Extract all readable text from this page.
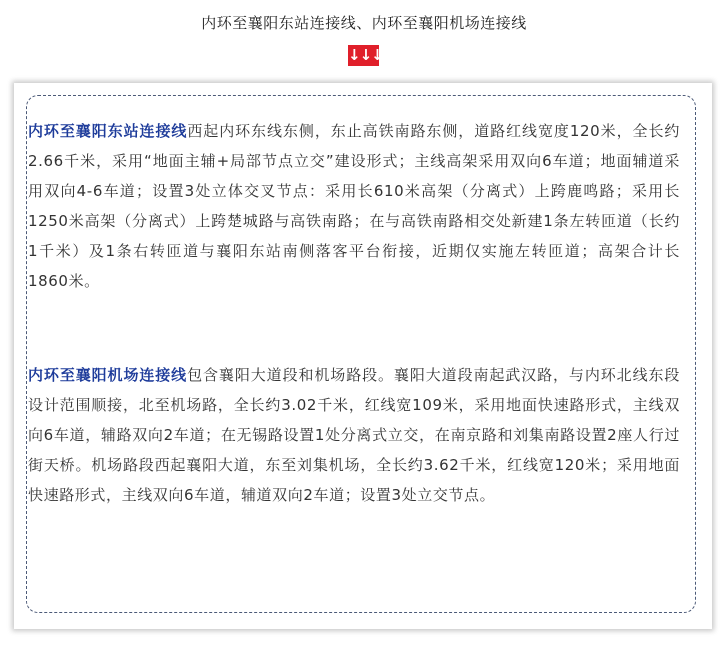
内环至襄阳东站连接线、内环至襄阳机场连接线
↓↓↓

内环至襄阳东站连接线西起内环东线东侧，东止高铁南路东侧，道路红线宽度120米，全长约2.66千米，采用“地面主辅+局部节点立交”建设形式；主线高架采用双向6车道；地面辅道采用双向4-6车道；设置3处立体交叉节点：采用长610米高架（分离式）上跨鹿鸣路；采用长1250米高架（分离式）上跨楚城路与高铁南路；在与高铁南路相交处新建1条左转匝道（长约1千米）及1条右转匝道与襄阳东站南侧落客平台衔接，近期仅实施左转匝道；高架合计长1860米。

内环至襄阳机场连接线包含襄阳大道段和机场路段。襄阳大道段南起武汉路，与内环北线东段设计范围顺接，北至机场路，全长约3.02千米，红线宽109米，采用地面快速路形式，主线双向6车道，辅路双向2车道；在无锡路设置1处分离式立交，在南京路和刘集南路设置2座人行过街天桥。机场路段西起襄阳大道，东至刘集机场，全长约3.62千米，红线宽120米；采用地面快速路形式，主线双向6车道，辅道双向2车道；设置3处立交节点。
